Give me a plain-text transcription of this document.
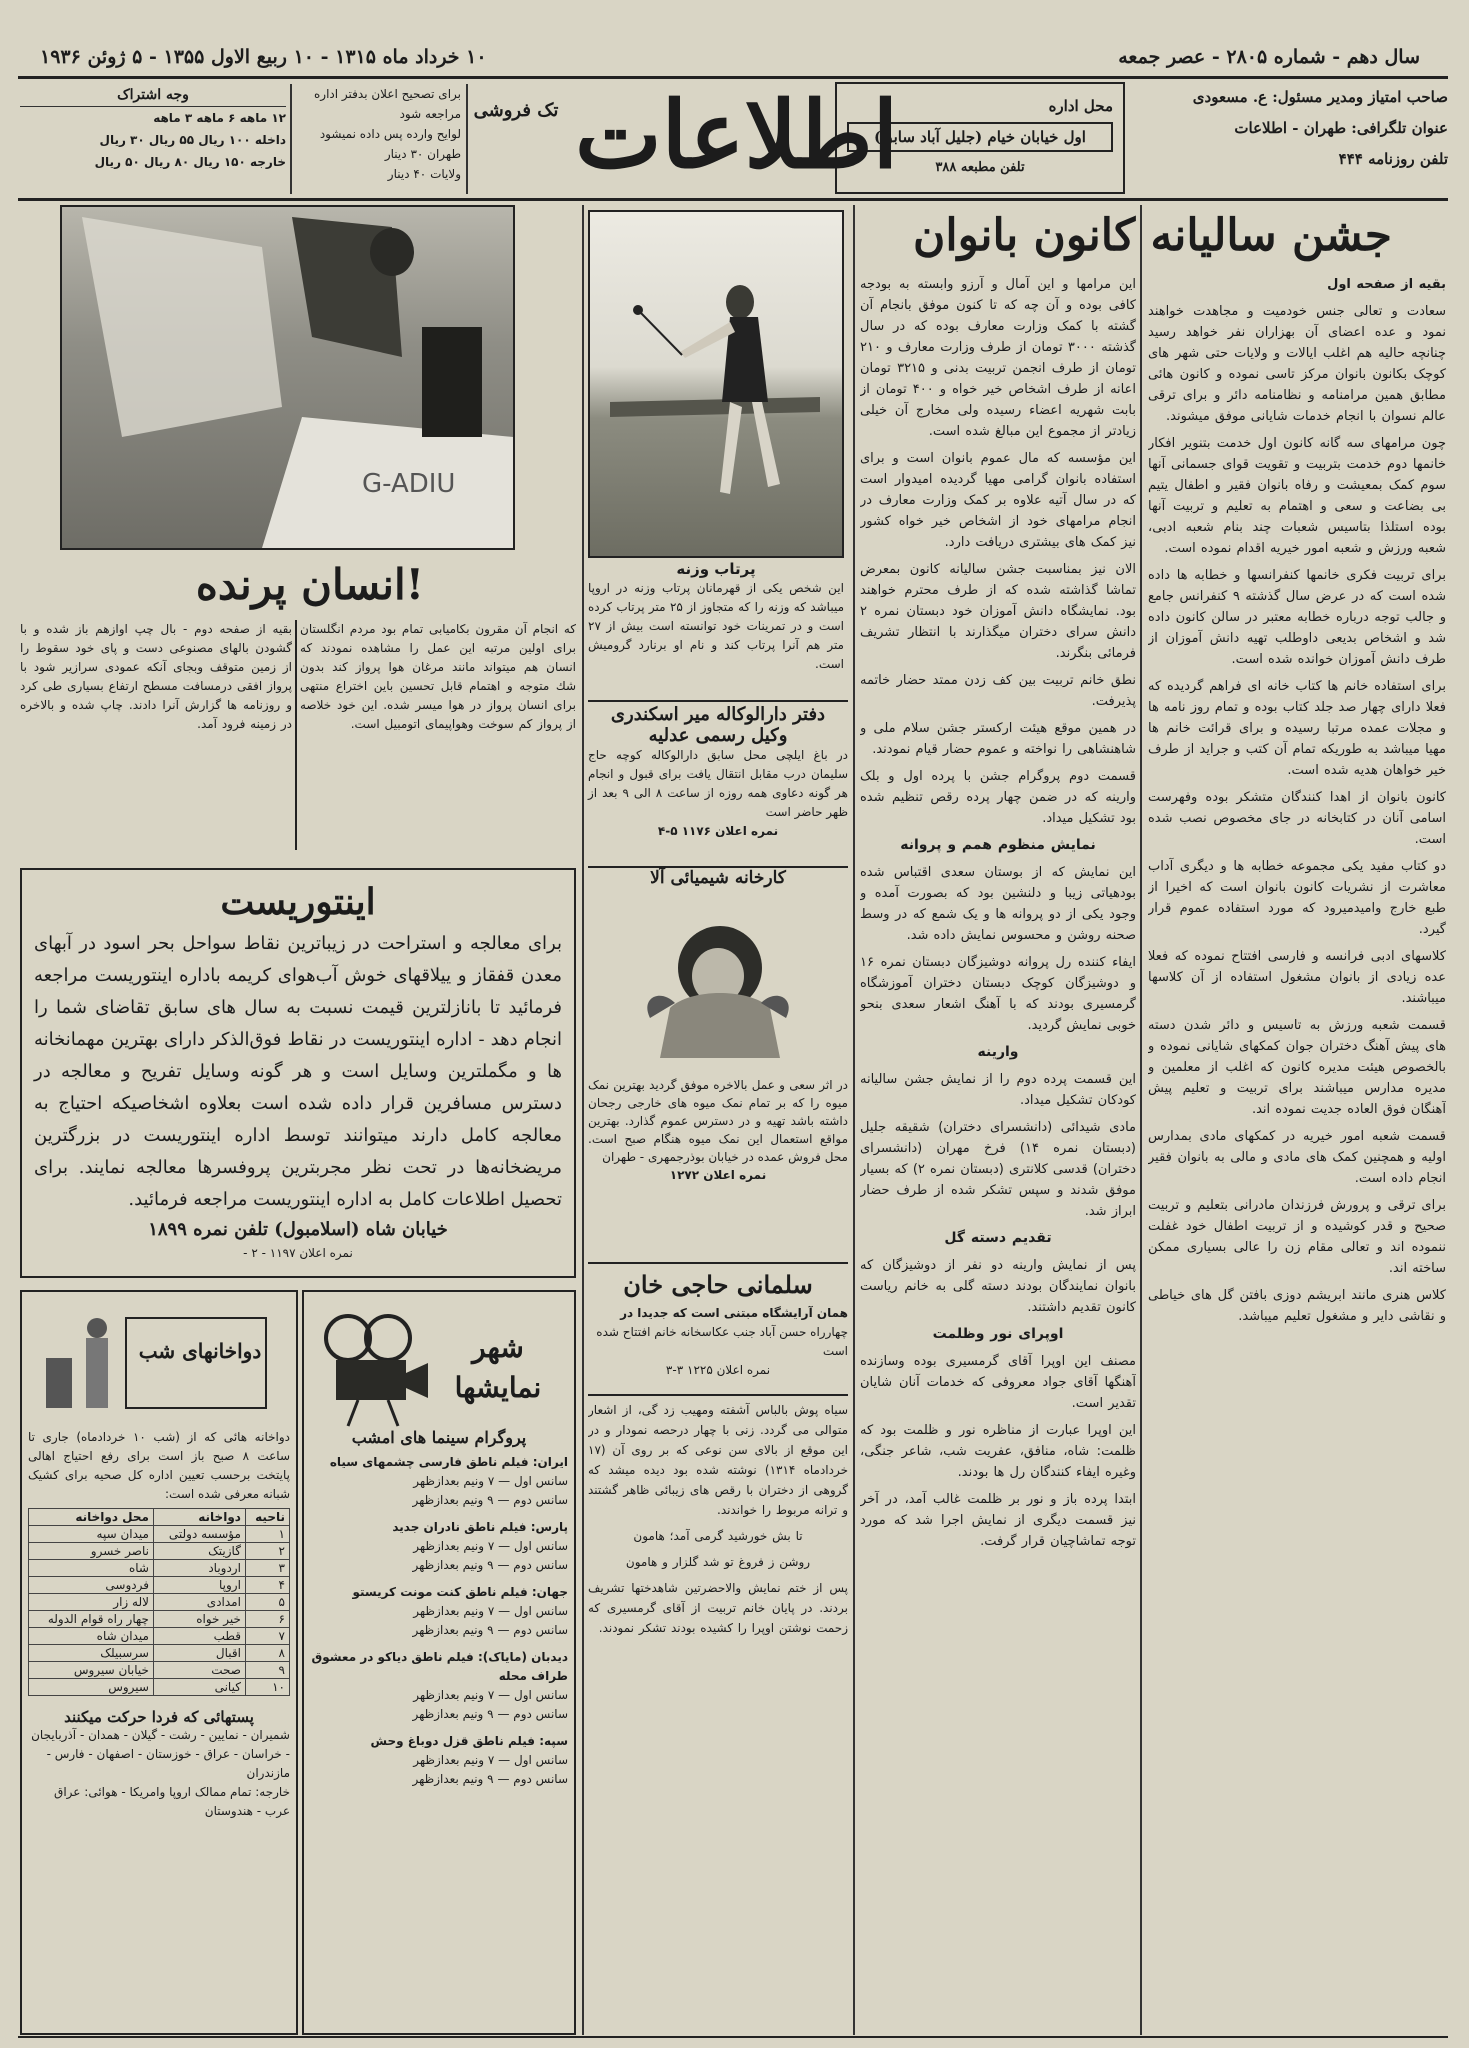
سال دهم - شماره ۲۸۰۵ - عصر جمعه
۱۰ خرداد ماه ۱۳۱۵ - ۱۰ ربیع الاول ۱۳۵۵ - ۵ ژوئن ۱۹۳۶
صاحب امتیاز ومدیر مسئول: ع. مسعودی
عنوان تلگرافی: طهران - اطلاعات
تلفن روزنامه ۴۴۴
محل اداره
اول خیابان خیام (جلیل آباد سابق)
تلفن مطبعه ۳۸۸
اطلاعات
تک فروشی
برای تصحیح اعلان بدفتر اداره مراجعه شود
لوایح وارده پس داده نمیشود
طهران ۳۰ دینار
ولایات ۴۰ دینار
وجه اشتراک
۱۲ ماهه ۶ ماهه ۳ ماهه
داخله ۱۰۰ ریال ۵۵ ریال ۳۰ ریال
خارجه ۱۵۰ ریال ۸۰ ریال ۵۰ ریال
جشن سالیانه کانون بانوان

بقیه از صفحه اول

سعادت و تعالی جنس خودمیت و مجاهدت خواهند نمود و عده اعضای آن بهزاران نفر خواهد رسید چنانچه حالیه هم اغلب ایالات و ولایات حتی شهر های کوچک بکانون بانوان مرکز تاسی نموده و کانون هائی مطابق همین مرامنامه و نظامنامه دائر و برای ترقی عالم نسوان با انجام خدمات شایانی موفق میشوند.

چون مرامهای سه گانه کانون اول خدمت بتنویر افکار خانمها دوم خدمت بتربیت و تقویت قوای جسمانی آنها سوم کمک بمعیشت و رفاه بانوان فقیر و اطفال یتیم بی بضاعت و سعی و اهتمام به تعلیم و تربیت آنها بوده استلذا بتاسیس شعبات چند بنام شعبه ادبی، شعبه ورزش و شعبه امور خیریه اقدام نموده است.

برای تربیت فکری خانمها کنفرانسها و خطابه ها داده شده است که در عرض سال گذشته ۹ کنفرانس جامع و جالب توجه درباره خطابه معتبر در سالن کانون داده شد و اشخاص بدیعی داوطلب تهیه دانش آموزان از طرف دانش آموزان خوانده شده است.

برای استفاده خانم ها کتاب خانه ای فراهم گردیده که فعلا دارای چهار صد جلد کتاب بوده و تمام روز نامه ها و مجلات عمده مرتبا رسیده و برای قرائت خانم ها مهیا میباشد به طوریکه تمام آن کتب و جراید از طرف خیر خواهان هدیه شده است.

کانون بانوان از اهدا کنندگان متشکر بوده وفهرست اسامی آنان در کتابخانه در جای مخصوص نصب شده است.

دو کتاب مفید یکی مجموعه خطابه ها و دیگری آداب معاشرت از نشریات کانون بانوان است که اخیرا از طبع خارج وامیدمیرود که مورد استفاده عموم قرار گیرد.

کلاسهای ادبی فرانسه و فارسی افتتاح نموده که فعلا عده زیادی از بانوان مشغول استفاده از آن کلاسها میباشند.

قسمت شعبه ورزش به تاسیس و دائر شدن دسته های پیش آهنگ دختران جوان کمکهای شایانی نموده و بالخصوص هیئت مدیره کانون که اغلب از معلمین و مدیره مدارس میباشند برای تربیت و تعلیم پیش آهنگان فوق العاده جدیت نموده اند.

قسمت شعبه امور خیریه در کمکهای مادی بمدارس اولیه و همچنین کمک های مادی و مالی به بانوان فقیر انجام داده است.

برای ترقی و پرورش فرزندان مادرانی بتعلیم و تربیت صحیح و قدر کوشیده و از تربیت اطفال خود غفلت ننموده اند و تعالی مقام زن را عالی بسیاری ممکن ساخته اند.

کلاس هنری مانند ابریشم دوزی بافتن گل های خیاطی و نقاشی دایر و مشغول تعلیم میباشد.

این مرامها و این آمال و آرزو وابسته به بودجه کافی بوده و آن چه که تا کنون موفق بانجام آن گشته با کمک وزارت معارف بوده که در سال گذشته ۳۰۰۰ تومان از طرف وزارت معارف و ۲۱۰ تومان از طرف انجمن تربیت بدنی و ۳۲۱۵ تومان اعانه از طرف اشخاص خیر خواه و ۴۰۰ تومان از بابت شهریه اعضاء رسیده ولی مخارج آن خیلی زیادتر از مجموع این مبالغ شده است.

این مؤسسه که مال عموم بانوان است و برای استفاده بانوان گرامی مهیا گردیده امیدوار است که در سال آتیه علاوه بر کمک وزارت معارف در انجام مرامهای خود از اشخاص خیر خواه کشور نیز کمک های بیشتری دریافت دارد.

الان نیز بمناسبت جشن سالیانه کانون بمعرض تماشا گذاشته شده که از طرف محترم خواهند بود. نمایشگاه دانش آموزان خود دبستان نمره ۲ دانش سرای دختران میگذارند با انتظار تشریف فرمائی بنگرند.

نطق خانم تربیت بین کف زدن ممتد حضار خاتمه پذیرفت.

در همین موقع هیئت ارکستر جشن سلام ملی و شاهنشاهی را نواخته و عموم حضار قیام نمودند.

قسمت دوم پروگرام جشن با پرده اول و بلک وارینه که در ضمن چهار پرده رقص تنظیم شده بود تشکیل میداد.

نمایش منظوم همم و پروانه

این نمایش که از بوستان سعدی اقتباس شده بودهیاتی زیبا و دلنشین بود که بصورت آمده و وجود یکی از دو پروانه ها و یک شمع که در وسط صحنه روشن و محسوس نمایش داده شد.

ایفاء کننده رل پروانه دوشیزگان دبستان نمره ۱۶ و دوشیزگان کوچک دبستان دختران آموزشگاه گرمسیری بودند که با آهنگ اشعار سعدی بنحو خوبی نمایش گردید.

وارینه

این قسمت پرده دوم را از نمایش جشن سالیانه کودکان تشکیل میداد.

مادی شیدائی (دانشسرای دختران) شقیقه جلیل (دبستان نمره ۱۴) فرخ مهران (دانشسرای دختران) قدسی کلانتری (دبستان نمره ۲) که بسیار موفق شدند و سپس تشکر شده از طرف حضار ابراز شد.

تقدیم دسته گل

پس از نمایش وارینه دو نفر از دوشیزگان که بانوان نمایندگان بودند دسته گلی به خانم ریاست کانون تقدیم داشتند.

اوپرای نور وظلمت

مصنف این اوپرا آقای گرمسیری بوده وسازنده آهنگها آقای جواد معروفی که خدمات آنان شایان تقدیر است.

این اوپرا عبارت از مناظره نور و ظلمت بود که ظلمت: شاه، منافق، عفریت شب، شاعر جنگی، وغیره ایفاء کنندگان رل ها بودند.

ابتدا پرده باز و نور بر ظلمت غالب آمد، در آخر نیز قسمت دیگری از نمایش اجرا شد که مورد توجه تماشاچیان قرار گرفت.

پرتاب وزنه
این شخص یکی از قهرمانان پرتاب وزنه در اروپا میباشد که وزنه را که متجاوز از ۲۵ متر پرتاب کرده است و در تمرینات خود توانسته است بیش از ۲۷ متر هم آنرا پرتاب کند و نام او برنارد گرومیش است.
G-ADIU
انسان پرنده!
که انجام آن مقرون بکامیابی تمام بود مردم انگلستان برای اولین مرتبه این عمل را مشاهده نمودند که انسان هم میتواند مانند مرغان هوا پرواز کند بدون شك متوجه و اهتمام قابل تحسین باین اختراع منتهی برای انسان پرواز در هوا میسر شده. این خود خلاصه از پرواز کم سوخت وهواپیمای اتومبیل است.
بقیه از صفحه دوم - بال چپ اوازهم باز شده و با گشودن بالهای مصنوعی دست و پای خود سقوط را از زمین متوقف وبجای آنکه عمودی سرازیر شود با پرواز افقی درمسافت مسطح ارتفاع بسیاری طی کرد و روزنامه ها گزارش آنرا دادند. چاپ شده و بالاخره در زمینه فرود آمد.	دفتر دارالوکاله میر اسکندری
وکیل رسمی عدلیه
در باغ ایلچی محل سابق دارالوکاله کوچه حاج سلیمان درب مقابل انتقال یافت برای قبول و انجام هر گونه دعاوی همه روزه از ساعت ۸ الی ۹ بعد از ظهر حاضر است
نمره اعلان ۱۱۷۶ ۵-۴
کارخانه شیمیائی آلا
در اثر سعی و عمل بالاخره موفق گردید بهترین نمک میوه را که بر تمام نمک میوه های خارجی رجحان داشته باشد تهیه و در دسترس عموم گذارد. بهترین مواقع استعمال این نمک میوه هنگام صبح است. محل فروش عمده در خیابان بوذرجمهری - طهران
نمره اعلان ۱۲۷۲
سلمانی حاجی خان
همان آرایشگاه مبتنی است که جدیدا در
چهارراه حسن آباد جنب عکاسخانه خانم افتتاح شده است
نمره اعلان ۱۲۲۵ ۳-۳
اینتوریست
برای معالجه و استراحت در زیباترین نقاط سواحل بحر اسود در آبهای معدن قفقاز و ییلاقهای خوش آب‌هوای کریمه باداره اینتوریست مراجعه فرمائید تا بانازلترین قیمت نسبت به سال های سابق تقاضای شما را انجام دهد - اداره اینتوریست در نقاط فوق‌الذکر دارای بهترین مهمانخانه ها و مگملترین وسایل است و هر گونه وسایل تفریح و معالجه در دسترس مسافرین قرار داده شده است بعلاوه اشخاصیکه احتیاج به معالجه کامل دارند میتوانند توسط اداره اینتوریست در بزرگترین مریضخانه‌ها در تحت نظر مجربترین پروفسرها معالجه نمایند. برای تحصیل اطلاعات کامل به اداره اینتوریست مراجعه فرمائید.
خیابان شاه (اسلامبول) تلفن نمره ۱۸۹۹
نمره اعلان ۱۱۹۷ - ۲ -
دواخانهای شب
دواخانه هائی که از (شب ۱۰ خردادماه) جاری تا ساعت ۸ صبح باز است برای رفع احتیاج اهالی پایتخت برحسب تعیین اداره کل صحیه برای کشیک شبانه معرفی شده است:
ناحیه	دواخانه	محل دواخانه
۱	مؤسسه دولتی	میدان سپه
۲	گازیتک	ناصر خسرو
۳	اردوباد	شاه
۴	اروپا	فردوسی
۵	امدادی	لاله زار
۶	خیر خواه	چهار راه قوام الدوله
۷	قطب	میدان شاه
۸	اقبال	سرسبیلک
۹	صحت	خیابان سیروس
۱۰	کیانی	سیروس
پستهائی که فردا حرکت میکنند
شمیران - نمایین - رشت - گیلان - همدان - آذربایجان - خراسان - عراق - خوزستان - اصفهان - فارس - مازندران
خارجه: تمام ممالک اروپا وامریکا - هوائی: عراق عرب - هندوستان
شهر نمایشها
پروگرام سینما های امشب
ایران: فیلم ناطق فارسی چشمهای سیاه
سانس اول — ۷ ونیم بعدازظهر
سانس دوم — ۹ ونیم بعدازظهر
پارس: فیلم ناطق نادران جدید
سانس اول — ۷ ونیم بعدازظهر
سانس دوم — ۹ ونیم بعدازظهر
جهان: فیلم ناطق کنت مونت کریستو
سانس اول — ۷ ونیم بعدازظهر
سانس دوم — ۹ ونیم بعدازظهر
دیدبان (مایاک): فیلم ناطق دیاکو در معشوق طراف محله
سانس اول — ۷ ونیم بعدازظهر
سانس دوم — ۹ ونیم بعدازظهر
سپه: فیلم ناطق قزل دوباغ وحش
سانس اول — ۷ ونیم بعدازظهر
سانس دوم — ۹ ونیم بعدازظهر

سیاه پوش بالباس آشفته ومهیب زد گی، از اشعار متوالی می گردد. زنی با چهار درحصه نمودار و در این موقع از بالای سن نوعی که بر روی آن (۱۷ خردادماه ۱۳۱۴) نوشته شده بود دیده میشد که گروهی از دختران با رقص های زیبائی ظاهر گشتند و ترانه مربوط را خواندند.

تا بش خورشید گرمی آمد؛ هامون

روشن ز فروغ تو شد گلزار و هامون

پس از ختم نمایش والاحضرتین شاهدختها تشریف بردند. در پایان خانم تربیت از آقای گرمسیری که زحمت نوشتن اوپرا را کشیده بودند تشکر نمودند.
